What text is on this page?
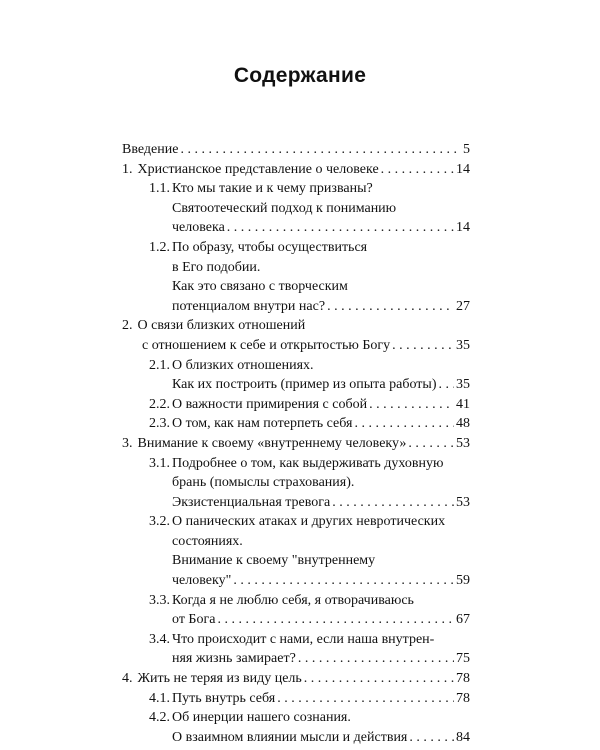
Содержание
Введение . . .	5
1. Христианское представление о человеке . . .	14
1.1. Кто мы такие и к чему призваны?
Святоотеческий подход к пониманию
человека . . .	14
1.2. По образу, чтобы осуществиться
в Его подобии.
Как это связано с творческим
потенциалом внутри нас? . . .	27
2. О связи близких отношений
с отношением к себе и открытостью Богу . . .	35
2.1. О близких отношениях.
Как их построить (пример из опыта работы) . . . 35
2.2. О важности примирения с собой . . .	41
2.3. О том, как нам потерпеть себя . . .	48
3. Внимание к своему «внутреннему человеку» . . .	53
3.1. Подробнее о том, как выдерживать духовную
брань (помыслы страхования).
Экзистенциальная тревога . . .	53
3.2. О панических атаках и других невротических
состояниях.
Внимание к своему "внутреннему
человеку" . . .	59
3.3. Когда я не люблю себя, я отворачиваюсь
от Бога . . .	67
3.4. Что происходит с нами, если наша внутрен-
няя жизнь замирает? . . .	75
4. Жить не теряя из виду цель . . .	78
4.1. Путь внутрь себя . . .	78
4.2. Об инерции нашего сознания.
О взаимном влиянии мысли и действия . . .	84
